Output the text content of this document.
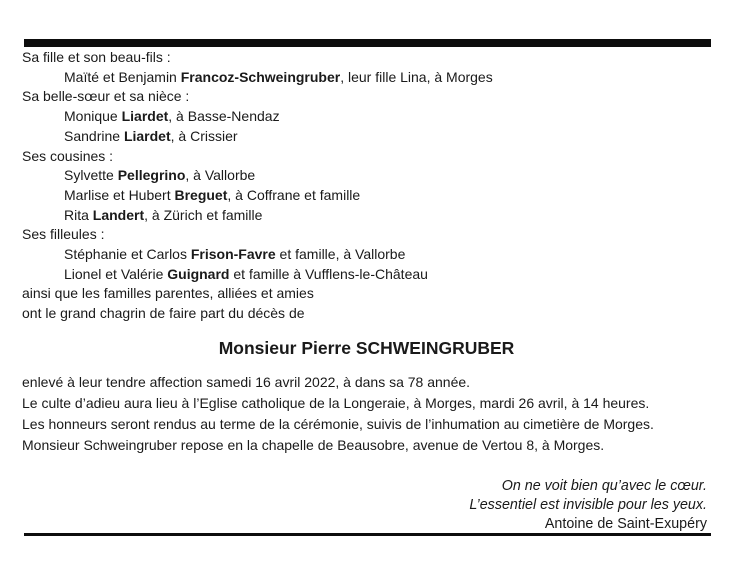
Sa fille et son beau-fils :
Maïté et Benjamin Francoz-Schweingruber, leur fille Lina, à Morges
Sa belle-sœur et sa nièce :
Monique Liardet, à Basse-Nendaz
Sandrine Liardet, à Crissier
Ses cousines :
Sylvette Pellegrino, à Vallorbe
Marlise et Hubert Breguet, à Coffrane et famille
Rita Landert, à Zürich et famille
Ses filleules :
Stéphanie et Carlos Frison-Favre et famille, à Vallorbe
Lionel et Valérie Guignard et famille à Vufflens-le-Château
ainsi que les familles parentes, alliées et amies
ont le grand chagrin de faire part du décès de
Monsieur Pierre SCHWEINGRUBER
enlevé à leur tendre affection samedi 16 avril 2022, à dans sa 78 année.
Le culte d’adieu aura lieu à l’Eglise catholique de la Longeraie, à Morges, mardi 26 avril, à 14 heures.
Les honneurs seront rendus au terme de la cérémonie, suivis de l’inhumation au cimetière de Morges.
Monsieur Schweingruber repose en la chapelle de Beausobre, avenue de Vertou 8, à Morges.
On ne voit bien qu’avec le cœur.
L’essentiel est invisible pour les yeux.
Antoine de Saint-Exupéry
